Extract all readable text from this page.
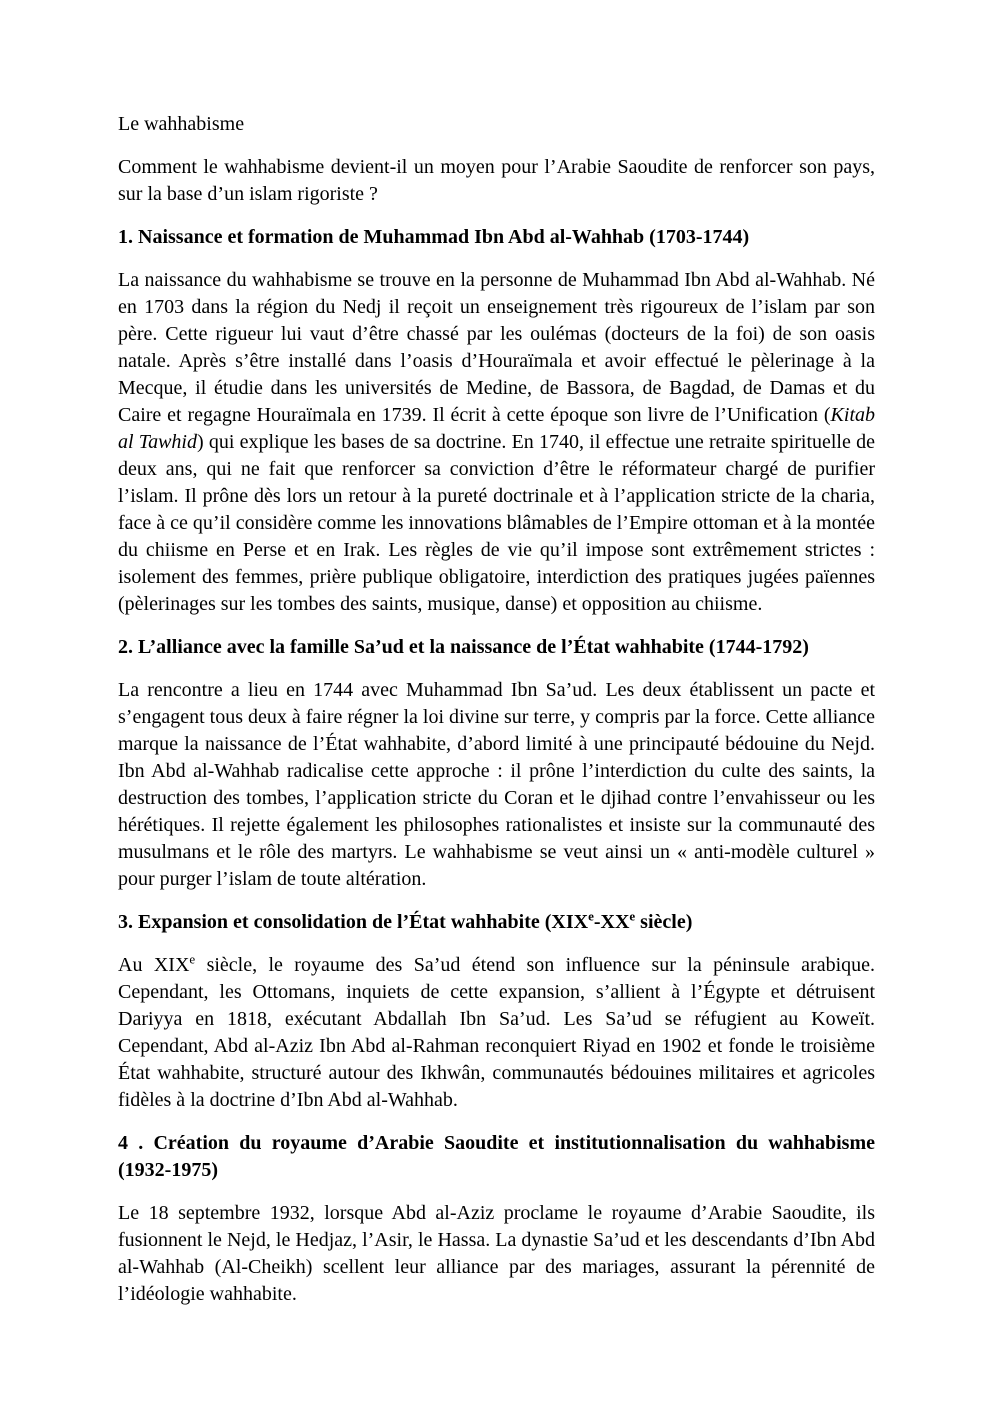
Le wahhabisme

Comment le wahhabisme devient-il un moyen pour l’Arabie Saoudite de renforcer son pays, sur la base d’un islam rigoriste ?

1. Naissance et formation de Muhammad Ibn Abd al-Wahhab (1703-1744)

La naissance du wahhabisme se trouve en la personne de Muhammad Ibn Abd al-Wahhab. Né en 1703 dans la région du Nedj il reçoit un enseignement très rigoureux de l’islam par son père. Cette rigueur lui vaut d’être chassé par les oulémas (docteurs de la foi) de son oasis natale. Après s’être installé dans l’oasis d’Houraïmala et avoir effectué le pèlerinage à la Mecque, il étudie dans les universités de Medine, de Bassora, de Bagdad, de Damas et du Caire et regagne Houraïmala en 1739. Il écrit à cette époque son livre de l’Unification (Kitab al Tawhid) qui explique les bases de sa doctrine. En 1740, il effectue une retraite spirituelle de deux ans, qui ne fait que renforcer sa conviction d’être le réformateur chargé de purifier l’islam. Il prône dès lors un retour à la pureté doctrinale et à l’application stricte de la charia, face à ce qu’il considère comme les innovations blâmables de l’Empire ottoman et à la montée du chiisme en Perse et en Irak. Les règles de vie qu’il impose sont extrêmement strictes : isolement des femmes, prière publique obligatoire, interdiction des pratiques jugées païennes (pèlerinages sur les tombes des saints, musique, danse) et opposition au chiisme.

2. L’alliance avec la famille Sa’ud et la naissance de l’État wahhabite (1744-1792)

La rencontre a lieu en 1744 avec Muhammad Ibn Sa’ud. Les deux établissent un pacte et s’engagent tous deux à faire régner la loi divine sur terre, y compris par la force. Cette alliance marque la naissance de l’État wahhabite, d’abord limité à une principauté bédouine du Nejd. Ibn Abd al-Wahhab radicalise cette approche : il prône l’interdiction du culte des saints, la destruction des tombes, l’application stricte du Coran et le djihad contre l’envahisseur ou les hérétiques. Il rejette également les philosophes rationalistes et insiste sur la communauté des musulmans et le rôle des martyrs. Le wahhabisme se veut ainsi un « anti-modèle culturel » pour purger l’islam de toute altération.

3. Expansion et consolidation de l’État wahhabite (XIXe-XXe siècle)

Au XIXe siècle, le royaume des Sa’ud étend son influence sur la péninsule arabique. Cependant, les Ottomans, inquiets de cette expansion, s’allient à l’Égypte et détruisent Dariyya en 1818, exécutant Abdallah Ibn Sa’ud. Les Sa’ud se réfugient au Koweït. Cependant, Abd al-Aziz Ibn Abd al-Rahman reconquiert Riyad en 1902 et fonde le troisième État wahhabite, structuré autour des Ikhwân, communautés bédouines militaires et agricoles fidèles à la doctrine d’Ibn Abd al-Wahhab.

4 . Création du royaume d’Arabie Saoudite et institutionnalisation du wahhabisme (1932-1975)

Le 18 septembre 1932, lorsque Abd al-Aziz proclame le royaume d’Arabie Saoudite, ils fusionnent le Nejd, le Hedjaz, l’Asir, le Hassa. La dynastie Sa’ud et les descendants d’Ibn Abd al-Wahhab (Al-Cheikh) scellent leur alliance par des mariages, assurant la pérennité de l’idéologie wahhabite.
